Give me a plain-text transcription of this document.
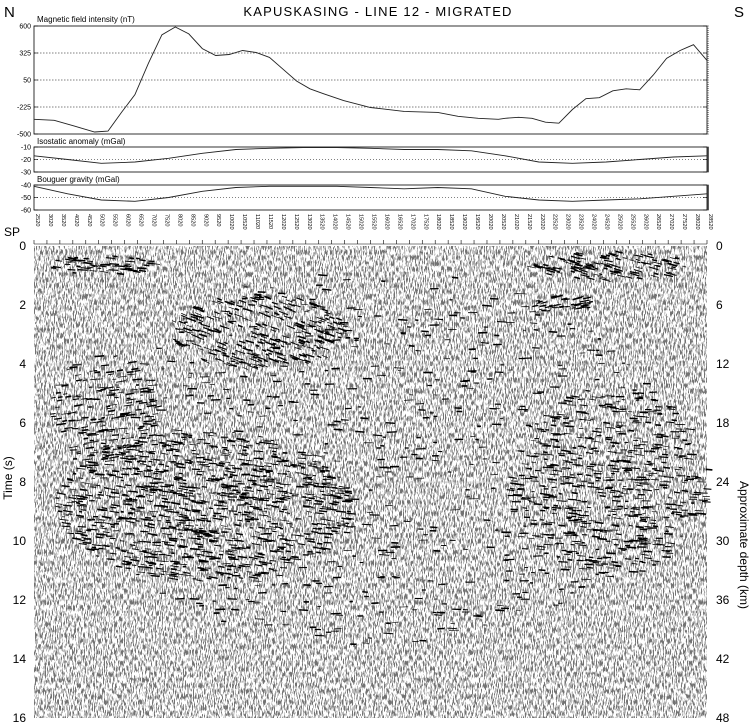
N	S
KAPUSKASING - LINE 12 - MIGRATED
Magnetic field intensity (nT)
600
325
50
-225
-500
Isostatic anomaly (mGal)
-10
-20
-30
Bouguer gravity (mGal)
-40
-50
-60
2520 3020 3520 4020 4520 5020 5520 6020 6520 7020 7520 8020 8520 9020 9520 10020 10520 11020 11520 12020 12520 13020 13520 14020 14520 15020 15520 16020 16520 17020 17520 18020 18520 19020 19520 20020 20520 21020 21520 22020 22520 23020 23520 24020 24520 25020 25520 26020 26520 27020 27520 28020 28520
SP
0
2
4
6
8
10
12
14
16
0
6
12
18
24
30
36
42
48
Time (s)
Approximate depth (km)
